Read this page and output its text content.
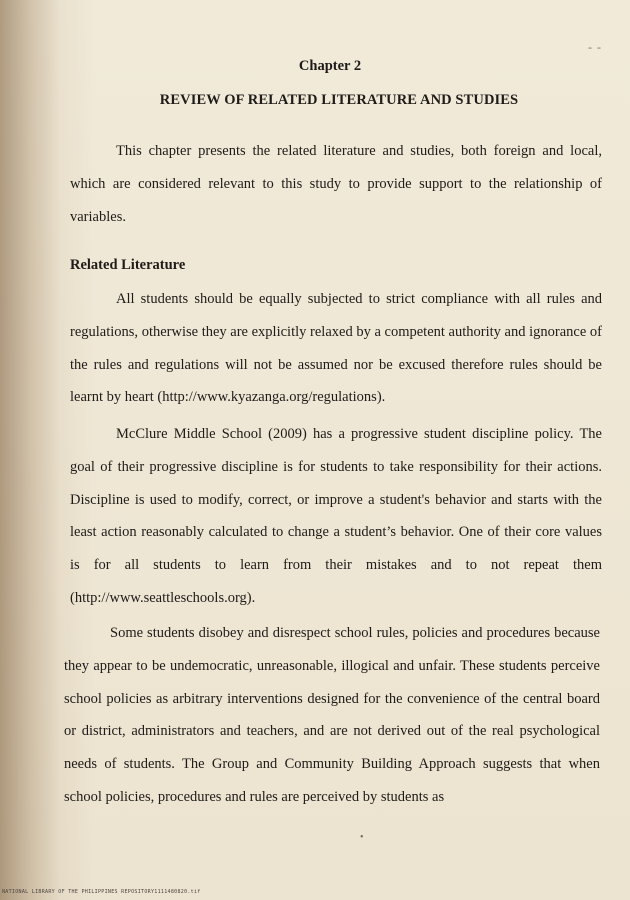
- -
Chapter 2
REVIEW OF RELATED LITERATURE AND STUDIES
This chapter presents the related literature and studies, both foreign and local, which are considered relevant to this study to provide support to the relationship of variables.
Related Literature
All students should be equally subjected to strict compliance with all rules and regulations, otherwise they are explicitly relaxed by a competent authority and ignorance of the rules and regulations will not be assumed nor be excused therefore rules should be learnt by heart (http://www.kyazanga.org/regulations).
McClure Middle School (2009) has a progressive student discipline policy. The goal of their progressive discipline is for students to take responsibility for their actions. Discipline is used to modify, correct, or improve a student's behavior and starts with the least action reasonably calculated to change a student’s behavior. One of their core values is for all students to learn from their mistakes and to not repeat them (http://www.seattleschools.org).
Some students disobey and disrespect school rules, policies and procedures because they appear to be undemocratic, unreasonable, illogical and unfair. These students perceive school policies as arbitrary interventions designed for the convenience of the central board or district, administrators and teachers, and are not derived out of the real psychological needs of students. The Group and Community Building Approach suggests that when school policies, procedures and rules are perceived by students as
•
NATIONAL LIBRARY OF THE PHILIPPINES REPOSITORY1111480820.tif
